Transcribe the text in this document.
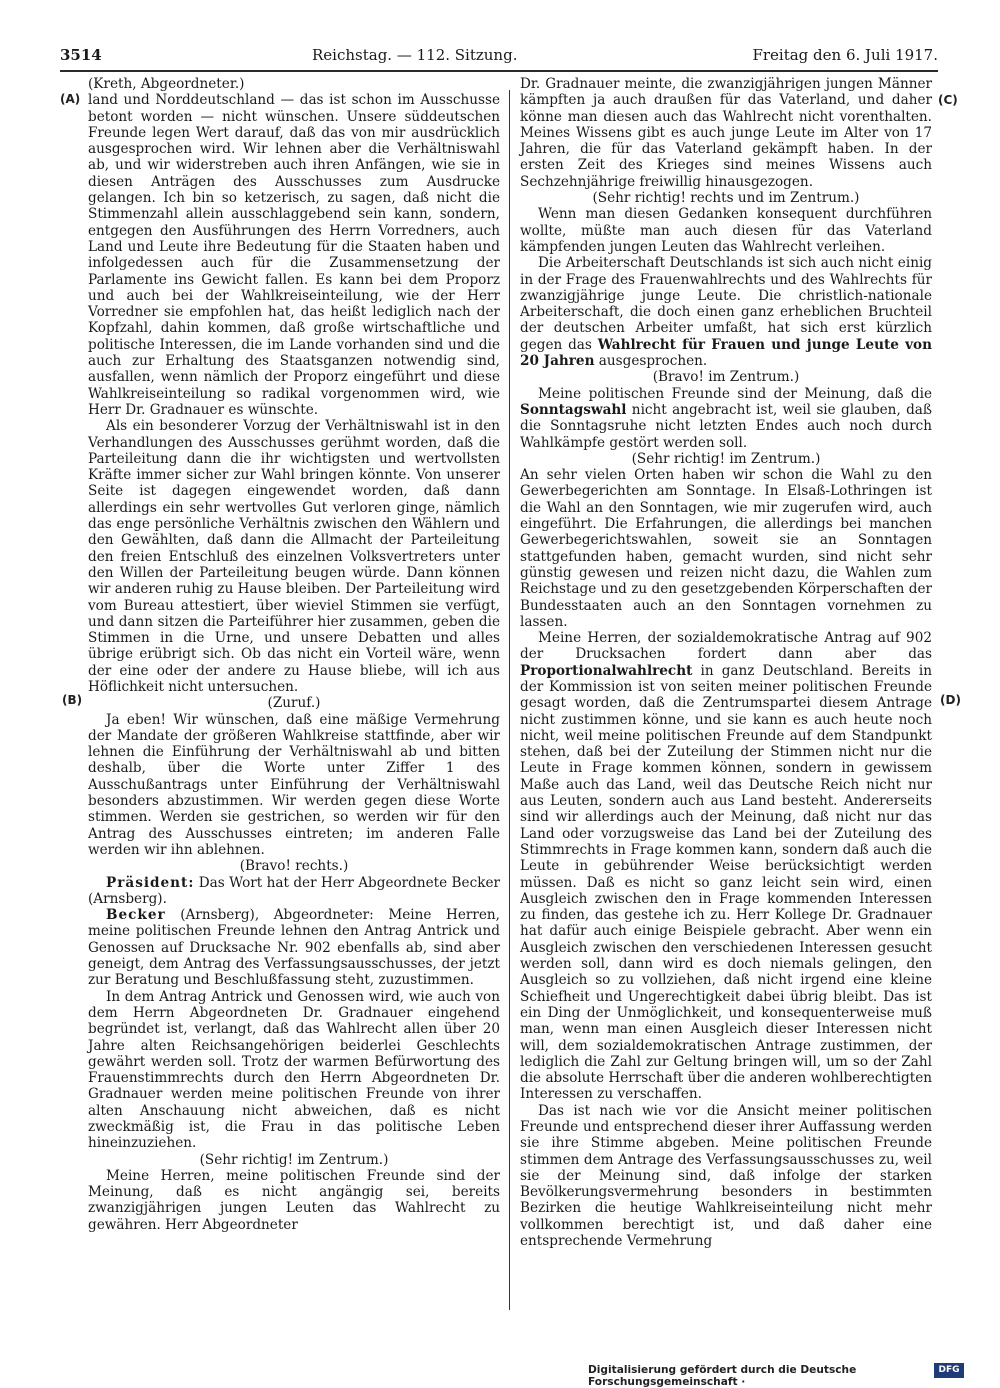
3514	Reichstag. — 112. Sitzung.	Freitag den 6. Juli 1917.
(A)
(B)
(C)
(D)

(Kreth, Abgeordneter.)

land und Norddeutschland — das ist schon im Ausschusse betont worden — nicht wünschen. Unsere süddeutschen Freunde legen Wert darauf, daß das von mir ausdrücklich ausgesprochen wird. Wir lehnen aber die Verhältniswahl ab, und wir widerstreben auch ihren Anfängen, wie sie in diesen Anträgen des Ausschusses zum Ausdrucke gelangen. Ich bin so ketzerisch, zu sagen, daß nicht die Stimmenzahl allein ausschlaggebend sein kann, sondern, entgegen den Ausführungen des Herrn Vorredners, auch Land und Leute ihre Bedeutung für die Staaten haben und infolgedessen auch für die Zusammensetzung der Parlamente ins Gewicht fallen. Es kann bei dem Proporz und auch bei der Wahlkreiseinteilung, wie der Herr Vorredner sie empfohlen hat, das heißt lediglich nach der Kopfzahl, dahin kommen, daß große wirtschaftliche und politische Interessen, die im Lande vorhanden sind und die auch zur Erhaltung des Staatsganzen notwendig sind, ausfallen, wenn nämlich der Proporz eingeführt und diese Wahlkreiseinteilung so radikal vorgenommen wird, wie Herr Dr. Gradnauer es wünschte.

Als ein besonderer Vorzug der Verhältniswahl ist in den Verhandlungen des Ausschusses gerühmt worden, daß die Parteileitung dann die ihr wichtigsten und wertvollsten Kräfte immer sicher zur Wahl bringen könnte. Von unserer Seite ist dagegen eingewendet worden, daß dann allerdings ein sehr wertvolles Gut verloren ginge, nämlich das enge persönliche Verhältnis zwischen den Wählern und den Gewählten, daß dann die Allmacht der Parteileitung den freien Entschluß des einzelnen Volksvertreters unter den Willen der Parteileitung beugen würde. Dann können wir anderen ruhig zu Hause bleiben. Der Parteileitung wird vom Bureau attestiert, über wieviel Stimmen sie verfügt, und dann sitzen die Parteiführer hier zusammen, geben die Stimmen in die Urne, und unsere Debatten und alles übrige erübrigt sich. Ob das nicht ein Vorteil wäre, wenn der eine oder der andere zu Hause bliebe, will ich aus Höflichkeit nicht untersuchen.

(Zuruf.)

Ja eben! Wir wünschen, daß eine mäßige Vermehrung der Mandate der größeren Wahlkreise stattfinde, aber wir lehnen die Einführung der Verhältniswahl ab und bitten deshalb, über die Worte unter Ziffer 1 des Ausschußantrags unter Einführung der Verhältniswahl besonders abzustimmen. Wir werden gegen diese Worte stimmen. Werden sie gestrichen, so werden wir für den Antrag des Ausschusses eintreten; im anderen Falle werden wir ihn ablehnen.

(Bravo! rechts.)

Präsident: Das Wort hat der Herr Abgeordnete Becker (Arnsberg).

Becker (Arnsberg), Abgeordneter: Meine Herren, meine politischen Freunde lehnen den Antrag Antrick und Genossen auf Drucksache Nr. 902 ebenfalls ab, sind aber geneigt, dem Antrag des Verfassungsausschusses, der jetzt zur Beratung und Beschlußfassung steht, zuzustimmen.

In dem Antrag Antrick und Genossen wird, wie auch von dem Herrn Abgeordneten Dr. Gradnauer eingehend begründet ist, verlangt, daß das Wahlrecht allen über 20 Jahre alten Reichsangehörigen beiderlei Geschlechts gewährt werden soll. Trotz der warmen Befürwortung des Frauenstimmrechts durch den Herrn Abgeordneten Dr. Gradnauer werden meine politischen Freunde von ihrer alten Anschauung nicht abweichen, daß es nicht zweckmäßig ist, die Frau in das politische Leben hineinzuziehen.

(Sehr richtig! im Zentrum.)

Meine Herren, meine politischen Freunde sind der Meinung, daß es nicht angängig sei, bereits zwanzigjährigen jungen Leuten das Wahlrecht zu gewähren. Herr Abgeordneter

Dr. Gradnauer meinte, die zwanzigjährigen jungen Männer kämpften ja auch draußen für das Vaterland, und daher könne man diesen auch das Wahlrecht nicht vorenthalten. Meines Wissens gibt es auch junge Leute im Alter von 17 Jahren, die für das Vaterland gekämpft haben. In der ersten Zeit des Krieges sind meines Wissens auch Sechzehnjährige freiwillig hinausgezogen.

(Sehr richtig! rechts und im Zentrum.)

Wenn man diesen Gedanken konsequent durchführen wollte, müßte man auch diesen für das Vaterland kämpfenden jungen Leuten das Wahlrecht verleihen.

Die Arbeiterschaft Deutschlands ist sich auch nicht einig in der Frage des Frauenwahlrechts und des Wahlrechts für zwanzigjährige junge Leute. Die christlich-nationale Arbeiterschaft, die doch einen ganz erheblichen Bruchteil der deutschen Arbeiter umfaßt, hat sich erst kürzlich gegen das Wahlrecht für Frauen und junge Leute von 20 Jahren ausgesprochen.

(Bravo! im Zentrum.)

Meine politischen Freunde sind der Meinung, daß die Sonntagswahl nicht angebracht ist, weil sie glauben, daß die Sonntagsruhe nicht letzten Endes auch noch durch Wahlkämpfe gestört werden soll.

(Sehr richtig! im Zentrum.)

An sehr vielen Orten haben wir schon die Wahl zu den Gewerbegerichten am Sonntage. In Elsaß-Lothringen ist die Wahl an den Sonntagen, wie mir zugerufen wird, auch eingeführt. Die Erfahrungen, die allerdings bei manchen Gewerbegerichtswahlen, soweit sie an Sonntagen stattgefunden haben, gemacht wurden, sind nicht sehr günstig gewesen und reizen nicht dazu, die Wahlen zum Reichstage und zu den gesetzgebenden Körperschaften der Bundesstaaten auch an den Sonntagen vornehmen zu lassen.

Meine Herren, der sozialdemokratische Antrag auf 902 der Drucksachen fordert dann aber das Proportionalwahlrecht in ganz Deutschland. Bereits in der Kommission ist von seiten meiner politischen Freunde gesagt worden, daß die Zentrumspartei diesem Antrage nicht zustimmen könne, und sie kann es auch heute noch nicht, weil meine politischen Freunde auf dem Standpunkt stehen, daß bei der Zuteilung der Stimmen nicht nur die Leute in Frage kommen können, sondern in gewissem Maße auch das Land, weil das Deutsche Reich nicht nur aus Leuten, sondern auch aus Land besteht. Andererseits sind wir allerdings auch der Meinung, daß nicht nur das Land oder vorzugsweise das Land bei der Zuteilung des Stimmrechts in Frage kommen kann, sondern daß auch die Leute in gebührender Weise berücksichtigt werden müssen. Daß es nicht so ganz leicht sein wird, einen Ausgleich zwischen den in Frage kommenden Interessen zu finden, das gestehe ich zu. Herr Kollege Dr. Gradnauer hat dafür auch einige Beispiele gebracht. Aber wenn ein Ausgleich zwischen den verschiedenen Interessen gesucht werden soll, dann wird es doch niemals gelingen, den Ausgleich so zu vollziehen, daß nicht irgend eine kleine Schiefheit und Ungerechtigkeit dabei übrig bleibt. Das ist ein Ding der Unmöglichkeit, und konsequenterweise muß man, wenn man einen Ausgleich dieser Interessen nicht will, dem sozialdemokratischen Antrage zustimmen, der lediglich die Zahl zur Geltung bringen will, um so der Zahl die absolute Herrschaft über die anderen wohlberechtigten Interessen zu verschaffen.

Das ist nach wie vor die Ansicht meiner politischen Freunde und entsprechend dieser ihrer Auffassung werden sie ihre Stimme abgeben. Meine politischen Freunde stimmen dem Antrage des Verfassungsausschusses zu, weil sie der Meinung sind, daß infolge der starken Bevölkerungsvermehrung besonders in bestimmten Bezirken die heutige Wahlkreiseinteilung nicht mehr vollkommen berechtigt ist, und daß daher eine entsprechende Vermehrung

Digitalisierung gefördert durch die Deutsche Forschungsgemeinschaft ·
DFG
